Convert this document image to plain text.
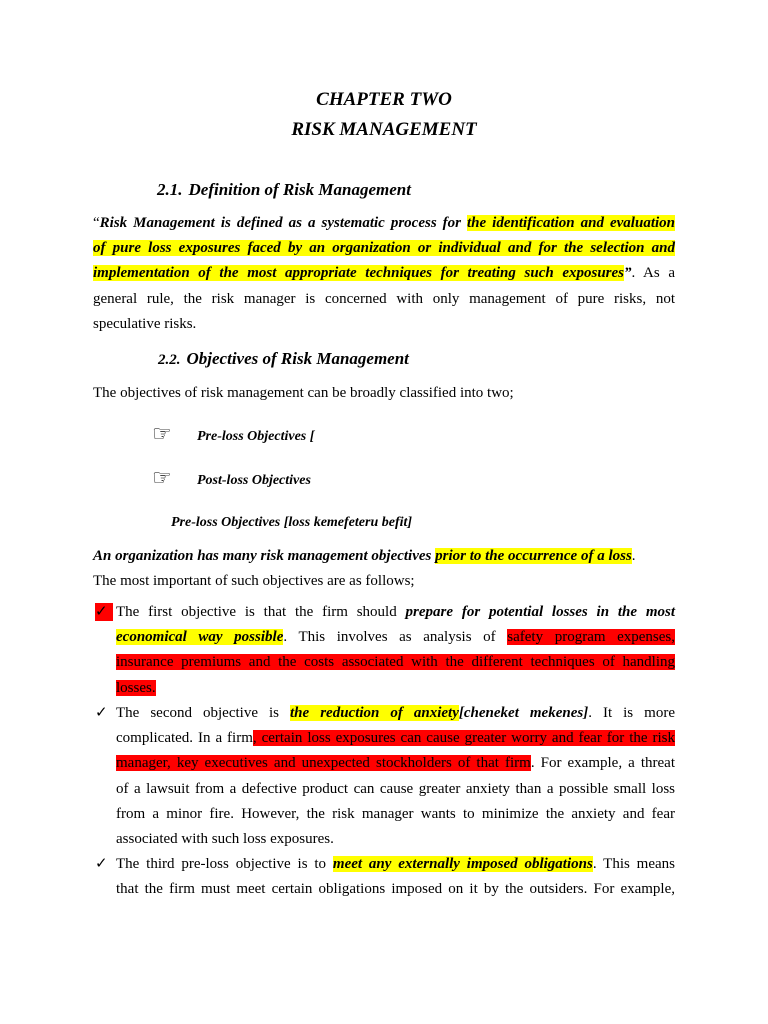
CHAPTER TWO
RISK MANAGEMENT
2.1. Definition of Risk Management
“Risk Management is defined as a systematic process for the identification and evaluation
of pure loss exposures faced by an organization or individual and for the selection and
implementation of the most appropriate techniques for treating such exposures”. As a
general rule, the risk manager is concerned with only management of pure risks, not
speculative risks.
2.2. Objectives of Risk Management
The objectives of risk management can be broadly classified into two;
☞ Pre-loss Objectives [
☞ Post-loss Objectives
Pre-loss Objectives [loss kemefeteru befit]
An organization has many risk management objectives prior to the occurrence of a loss.
The most important of such objectives are as follows;
✓ The first objective is that the firm should prepare for potential losses in the most
economical way possible. This involves as analysis of safety program expenses,
insurance premiums and the costs associated with the different techniques of handling
losses.
✓ The second objective is the reduction of anxiety[cheneket mekenes]. It is more
complicated. In a firm, certain loss exposures can cause greater worry and fear for the risk
manager, key executives and unexpected stockholders of that firm. For example, a threat
of a lawsuit from a defective product can cause greater anxiety than a possible small loss
from a minor fire. However, the risk manager wants to minimize the anxiety and fear
associated with such loss exposures.
✓ The third pre-loss objective is to meet any externally imposed obligations. This means
that the firm must meet certain obligations imposed on it by the outsiders. For example,
